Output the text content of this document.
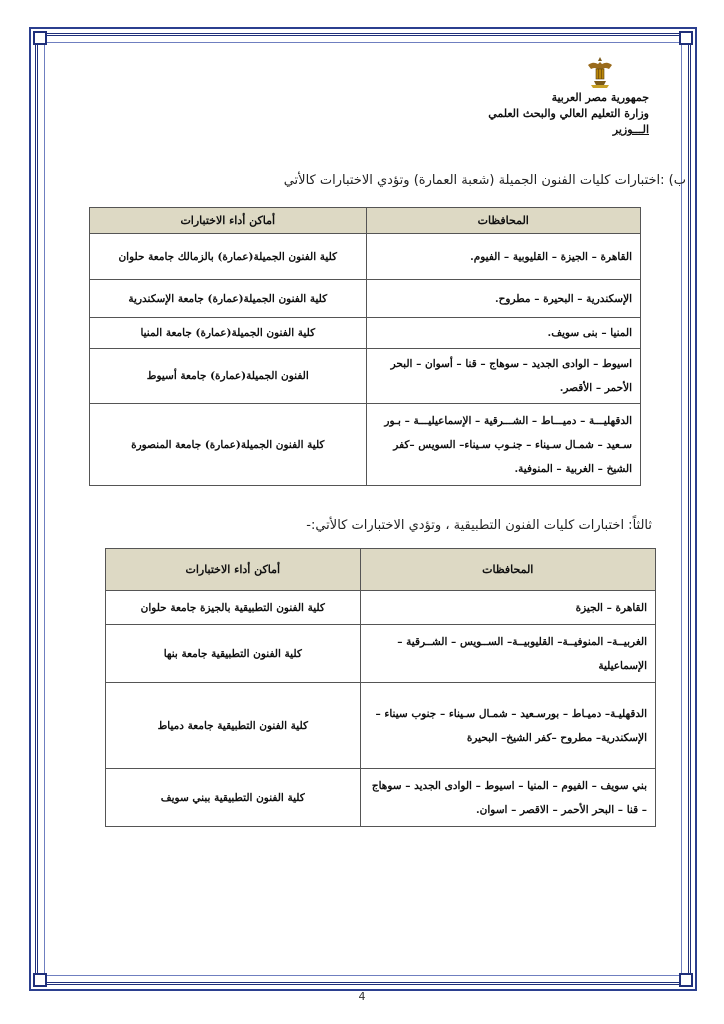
جمهورية مصر العربية
وزارة التعليم العالي والبحث العلمي
الـــوزير
ب) :اختبارات كليات الفنون الجميلة (شعبة العمارة) وتؤدي الاختبارات كالأتي
المحافظات	أماكن أداء الاختبارات
القاهرة – الجيزة – القليوبية – الفيوم.	كلية الفنون الجميلة(عمارة) بالزمالك جامعة حلوان
الإسكندرية – البحيرة – مطروح.	كلية الفنون الجميلة(عمارة) جامعة الإسكندرية
المنيا – بنى سويف.	كلية الفنون الجميلة(عمارة) جامعة المنيا
اسيوط – الوادى الجديد – سوهاج – قنا – أسوان – البحر الأحمر – الأقصر.	الفنون الجميلة(عمارة) جامعة أسيوط
الدقهليـــة – دميـــاط – الشـــرقية – الإسماعيليـــة – بـور سـعيد – شمـال سـيناء – جنـوب سـيناء– السويس –كفر الشيخ – الغربية – المنوفية.	كلية الفنون الجميلة(عمارة) جامعة المنصورة
ثالثاً: اختبارات كليات الفنون التطبيقية ، وتؤدي الاختبارات كالأتي:-
المحافظات	أماكن أداء الاختبارات
القاهرة – الجيزة	كلية الفنون التطبيقية بالجيزة جامعة حلوان
الغربيــة– المنوفيــة– القليوبيــة– الســويس – الشــرقية – الإسماعيلية	كلية الفنون التطبيقية جامعة بنها
الدقهليـة– دميـاط – بورسـعيد – شمـال سـيناء – جنوب سيناء – الإسكندرية– مطروح –كفر الشيخ– البحيرة	كلية الفنون التطبيقية جامعة دمياط
بني سويف – الفيوم – المنيا – اسيوط – الوادى الجديد – سوهاج – قنا – البحر الأحمر – الاقصر – اسوان.	كلية الفنون التطبيقية ببني سويف
4
